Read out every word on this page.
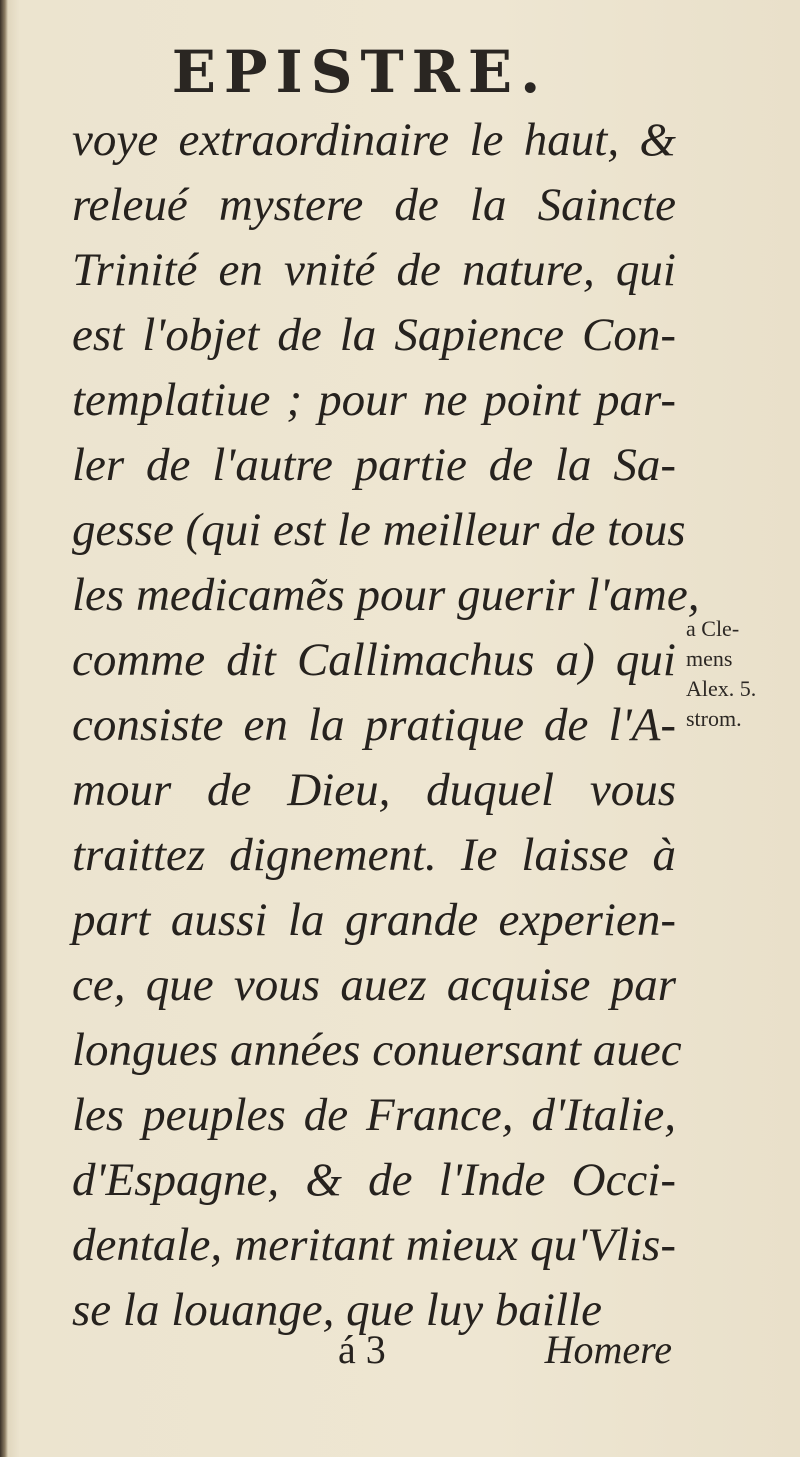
EPISTRE.
voye extraordinaire le haut, &
releué mystere de la Saincte
Trinité en vnité de nature, qui
est l'objet de la Sapience Con-
templatiue ; pour ne point par-
ler de l'autre partie de la Sa-
gesse (qui est le meilleur de tous
les medicamẽs pour guerir l'ame,
comme dit Callimachus a) qui
consiste en la pratique de l'A-
mour de Dieu, duquel vous
traittez dignement. Ie laisse à
part aussi la grande experien-
ce, que vous auez acquise par
longues années conuersant auec
les peuples de France, d'Italie,
d'Espagne, & de l'Inde Occi-
dentale, meritant mieux qu'Vlis-
se la louange, que luy baille
a Cle-
mens
Alex. 5.
strom.
á 3	Homere
